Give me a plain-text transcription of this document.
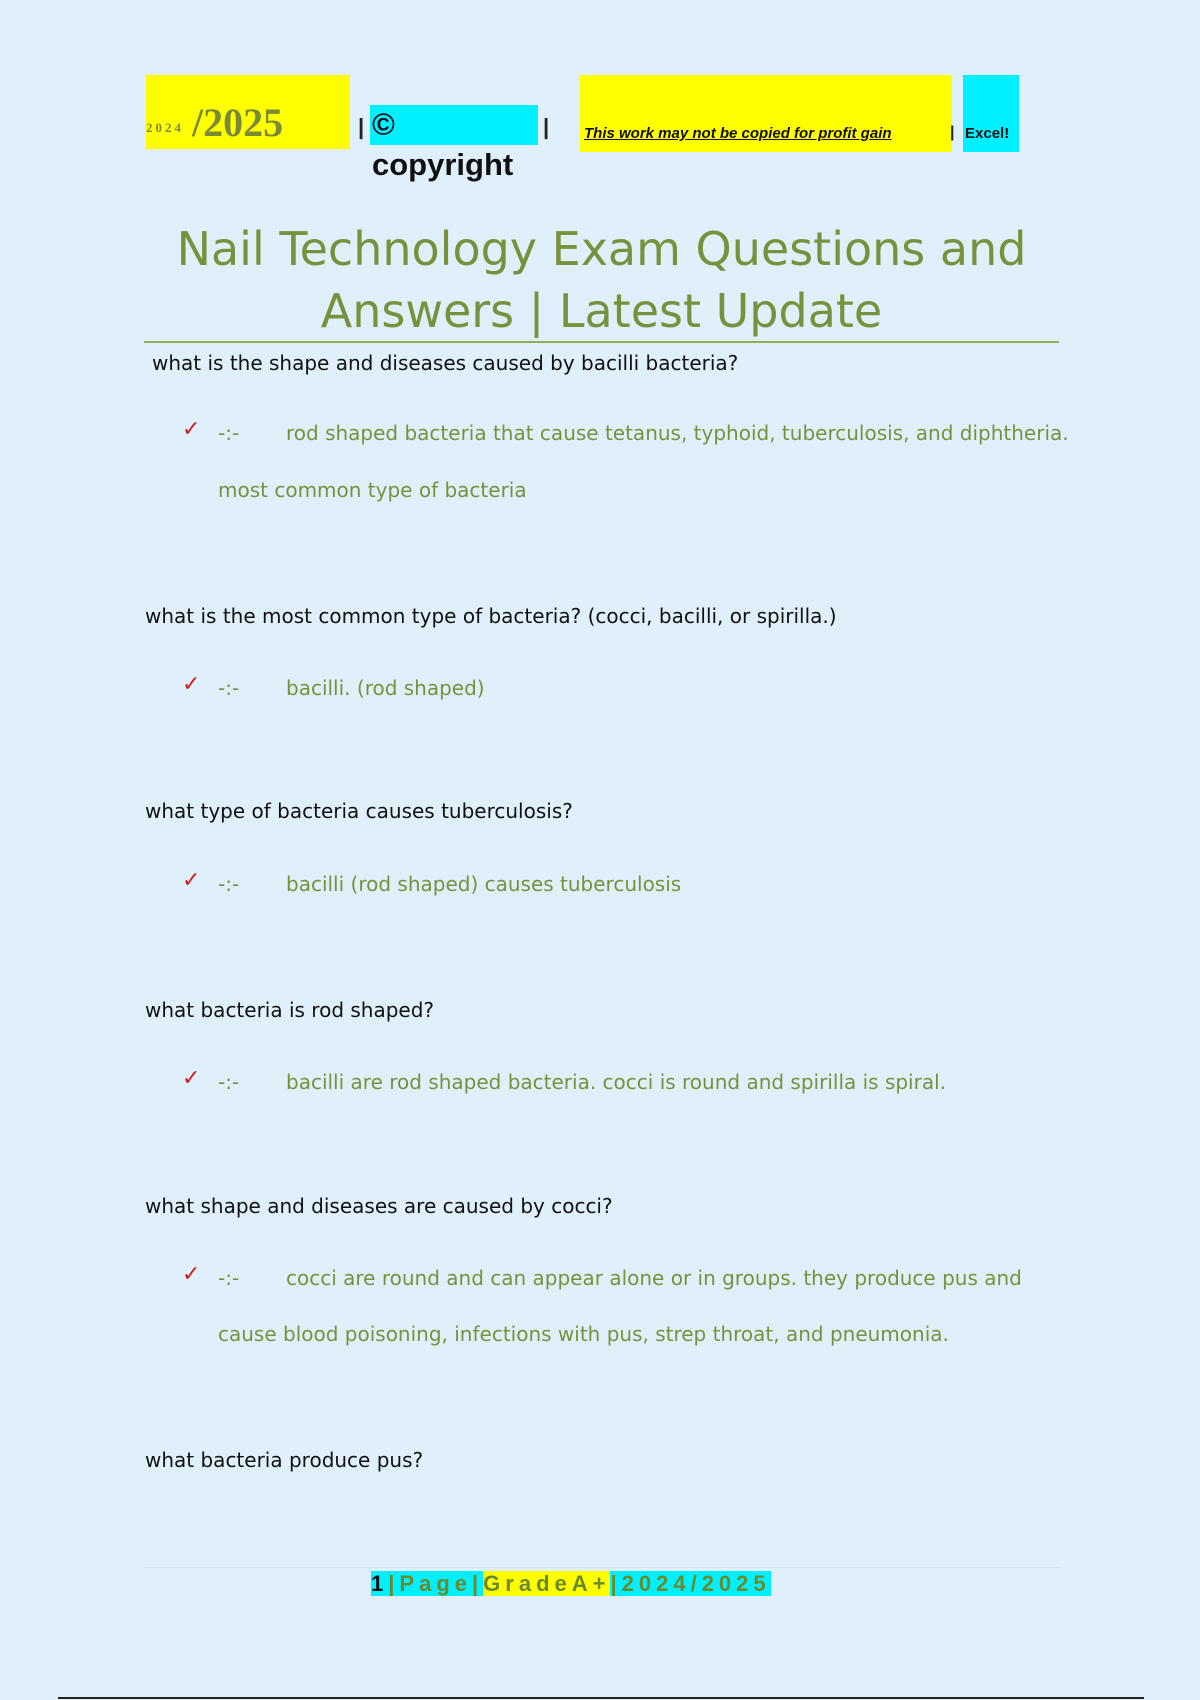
2024 /2025	| © copyright
| This work may not be copied for profit gain	| Excel!
Nail Technology Exam Questions and
Answers | Latest Update
what is the shape and diseases caused by bacilli bacteria?
✓ -:- rod shaped bacteria that cause tetanus, typhoid, tuberculosis, and diphtheria.
most common type of bacteria
what is the most common type of bacteria? (cocci, bacilli, or spirilla.)
✓ -:- bacilli. (rod shaped)
what type of bacteria causes tuberculosis?
✓ -:- bacilli (rod shaped) causes tuberculosis
what bacteria is rod shaped?
✓ -:- bacilli are rod shaped bacteria. cocci is round and spirilla is spiral.
what shape and diseases are caused by cocci?
✓ -:- cocci are round and can appear alone or in groups. they produce pus and
cause blood poisoning, infections with pus, strep throat, and pneumonia.
what bacteria produce pus?
1|Page|GradeA+|2024/2025
